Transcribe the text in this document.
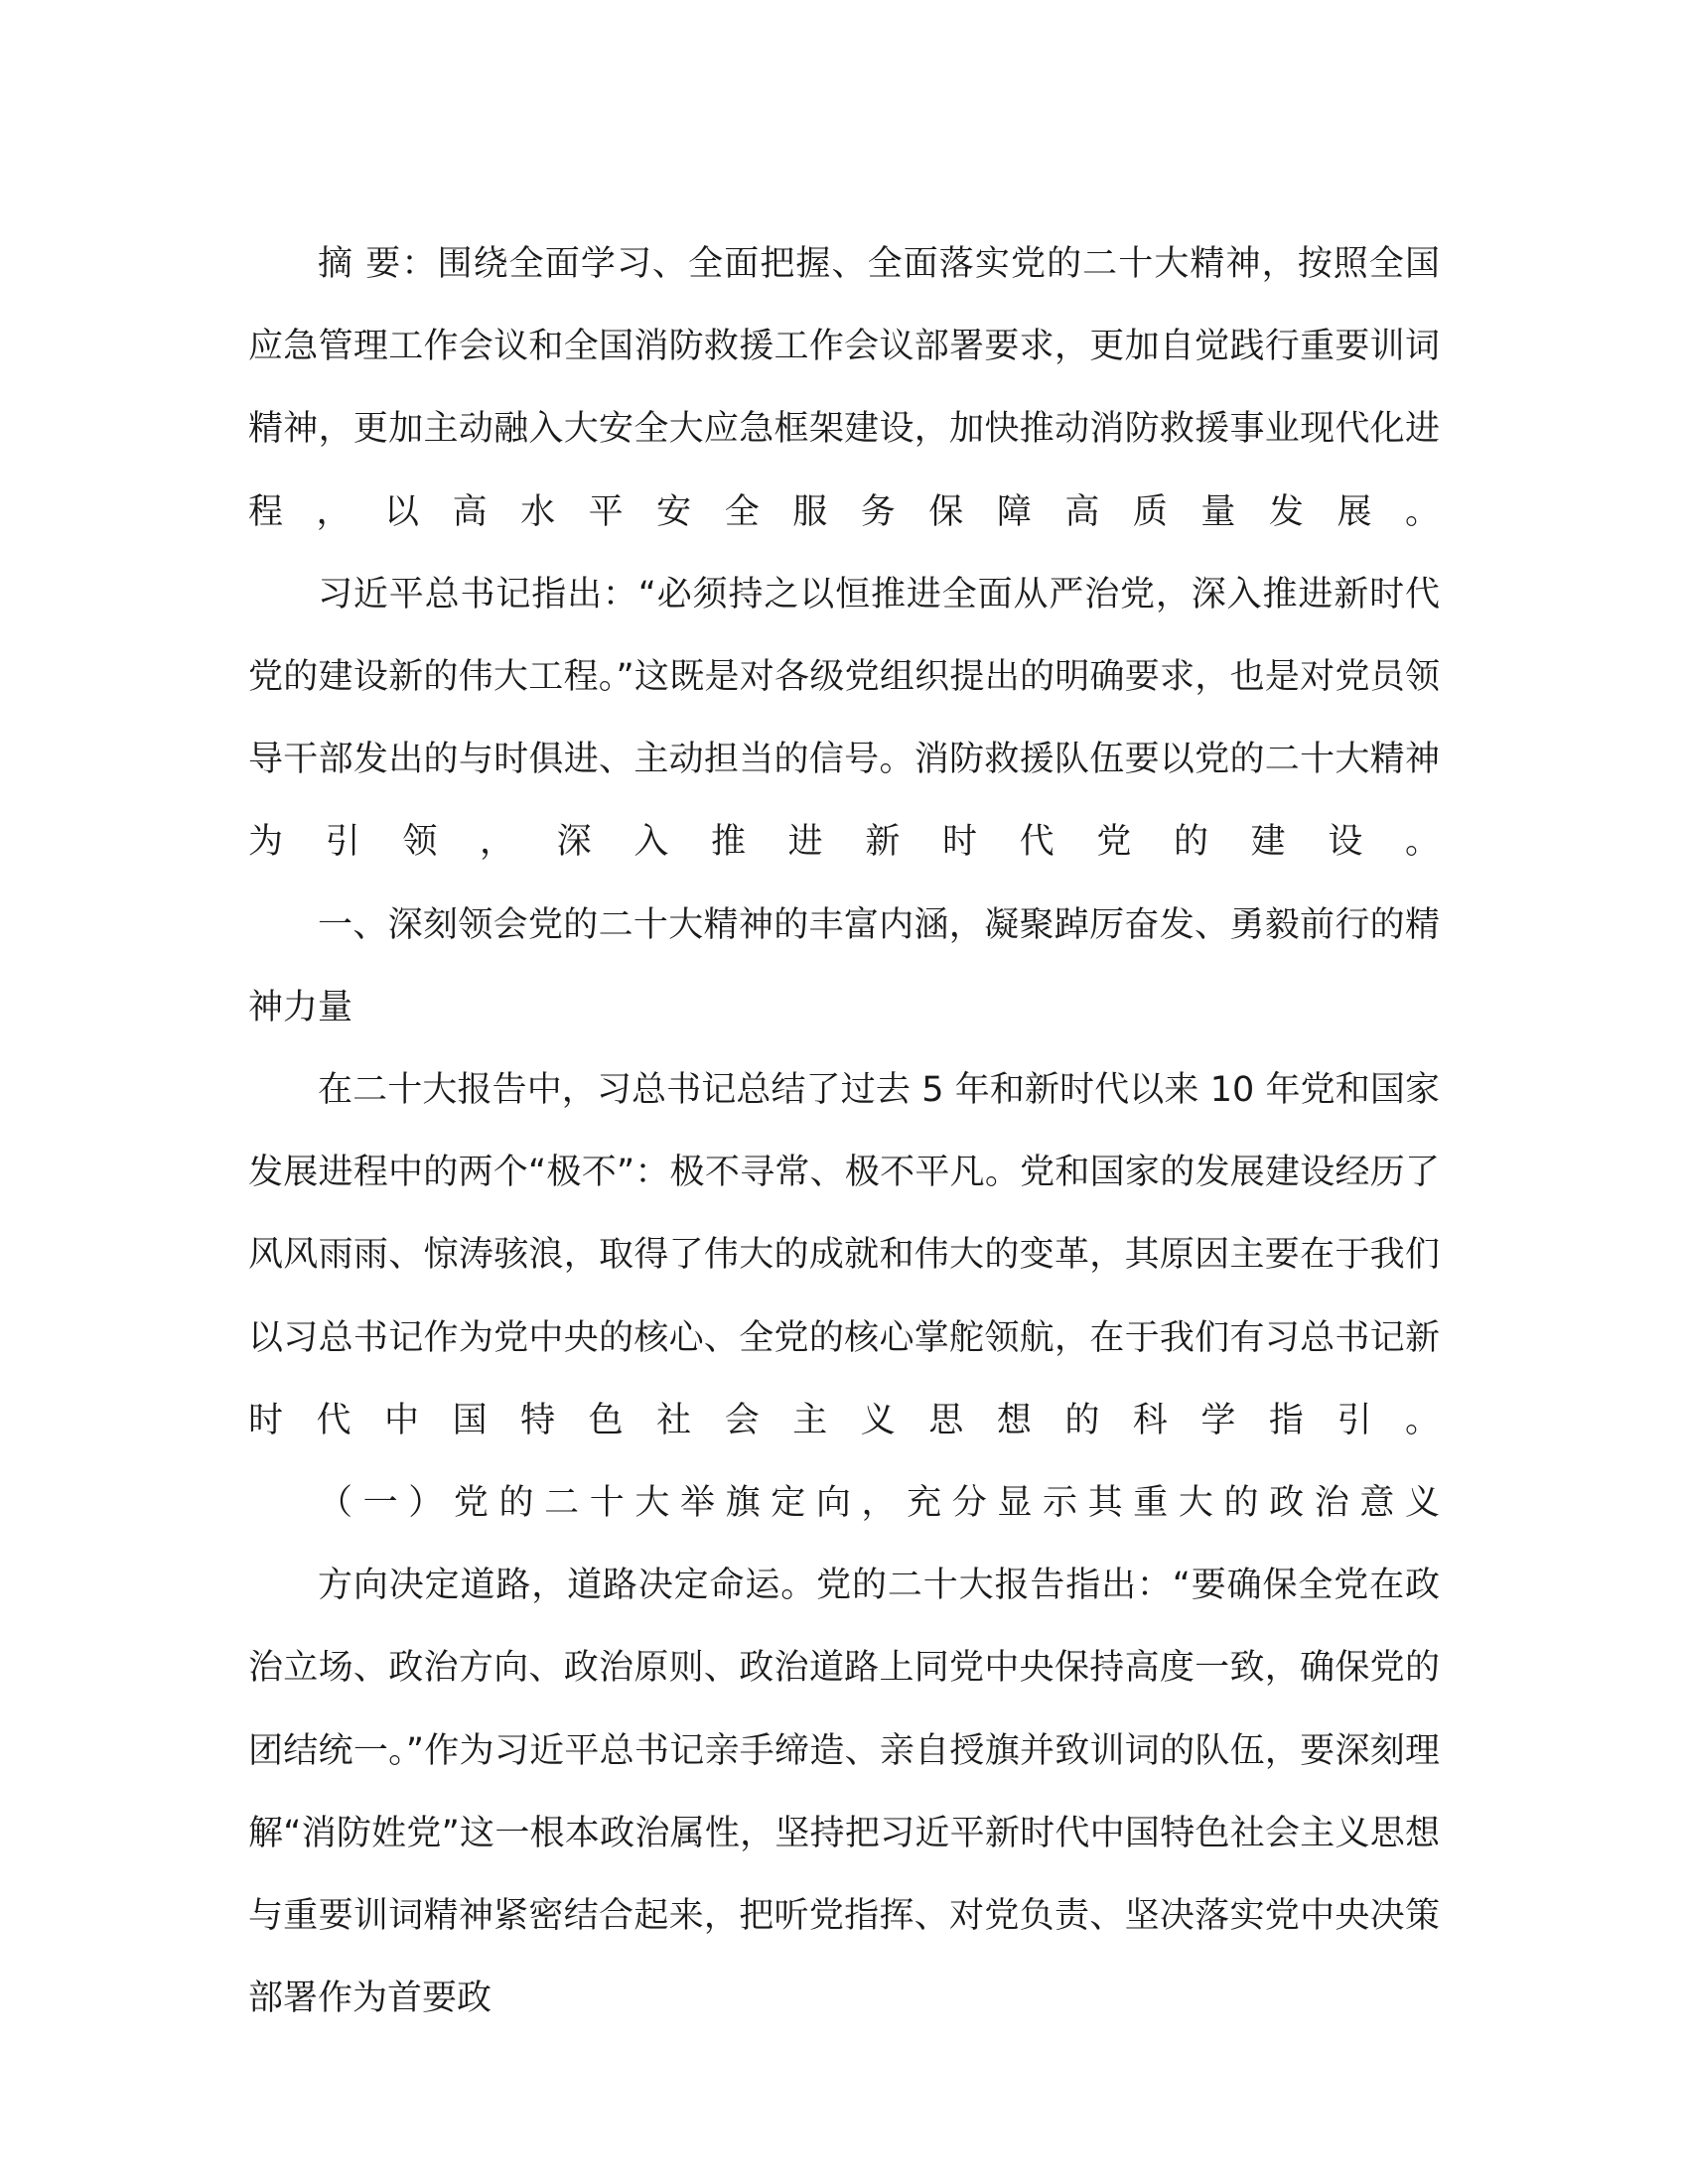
摘 要：围绕全面学习、全面把握、全面落实党的二十大精神，按照全国应急管理工作会议和全国消防救援工作会议部署要求，更加自觉践行重要训词精神，更加主动融入大安全大应急框架建设，加快推动消防救援事业现代化进程，以高水平安全服务保障高质量发展。

习近平总书记指出：“必须持之以恒推进全面从严治党，深入推进新时代党的建设新的伟大工程。”这既是对各级党组织提出的明确要求，也是对党员领导干部发出的与时俱进、主动担当的信号。消防救援队伍要以党的二十大精神为引领，深入推进新时代党的建设。

一、深刻领会党的二十大精神的丰富内涵，凝聚踔厉奋发、勇毅前行的精神力量

在二十大报告中，习总书记总结了过去 5 年和新时代以来 10 年党和国家发展进程中的两个“极不”：极不寻常、极不平凡。党和国家的发展建设经历了风风雨雨、惊涛骇浪，取得了伟大的成就和伟大的变革，其原因主要在于我们以习总书记作为党中央的核心、全党的核心掌舵领航，在于我们有习总书记新时代中国特色社会主义思想的科学指引。

（一）党的二十大举旗定向，充分显示其重大的政治意义

方向决定道路，道路决定命运。党的二十大报告指出：“要确保全党在政治立场、政治方向、政治原则、政治道路上同党中央保持高度一致，确保党的团结统一。”作为习近平总书记亲手缔造、亲自授旗并致训词的队伍，要深刻理解“消防姓党”这一根本政治属性，坚持把习近平新时代中国特色社会主义思想与重要训词精神紧密结合起来，把听党指挥、对党负责、坚决落实党中央决策部署作为首要政
